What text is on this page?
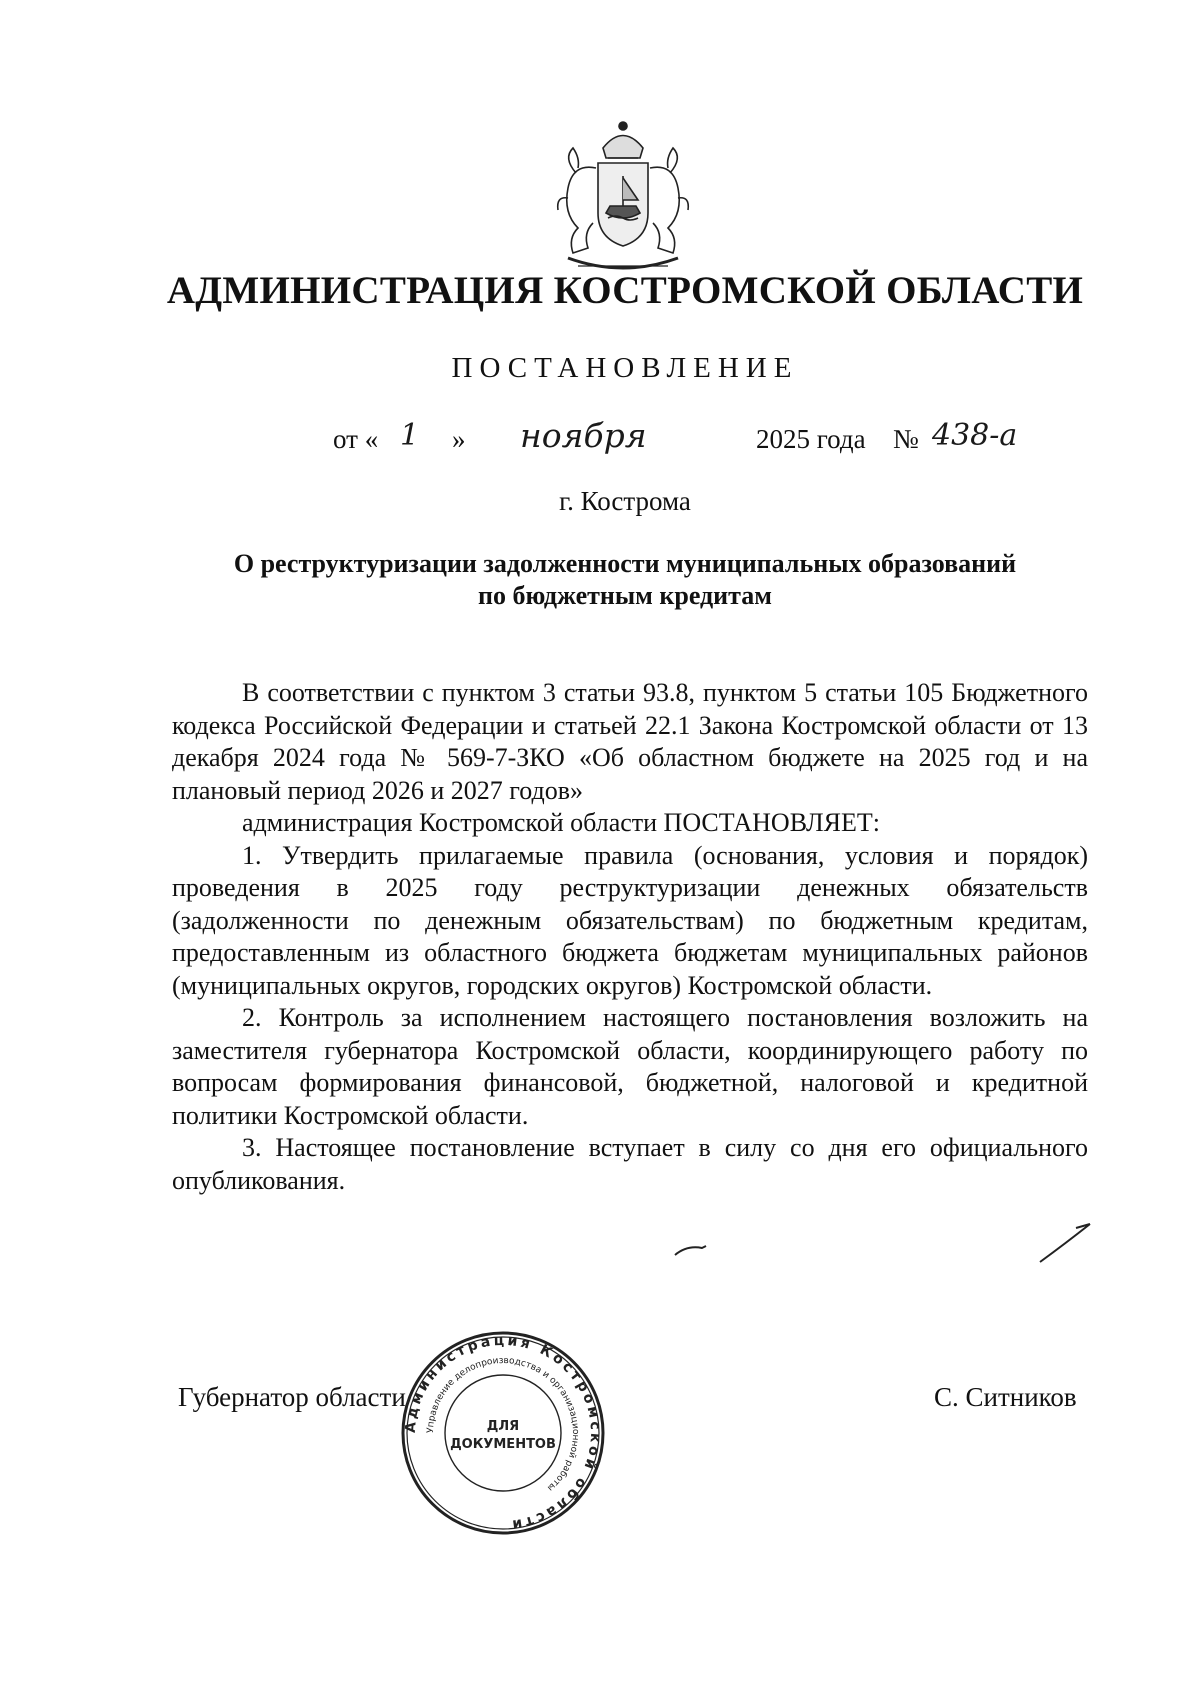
АДМИНИСТРАЦИЯ КОСТРОМСКОЙ ОБЛАСТИ
ПОСТАНОВЛЕНИЕ
от « 1 » ноября	2025 года № 438-а
г. Кострома
О реструктуризации задолженности муниципальных образований
по бюджетным кредитам

В соответствии с пунктом 3 статьи 93.8, пунктом 5 статьи 105 Бюджетного кодекса Российской Федерации и статьей 22.1 Закона Костромской области от 13 декабря 2024 года № 569-7-ЗКО «Об областном бюджете на 2025 год и на плановый период 2026 и 2027 годов»

администрация Костромской области ПОСТАНОВЛЯЕТ:

1. Утвердить прилагаемые правила (основания, условия и порядок) проведения в 2025 году реструктуризации денежных обязательств (задолженности по денежным обязательствам) по бюджетным кредитам, предоставленным из областного бюджета бюджетам муниципальных районов (муниципальных округов, городских округов) Костромской области.

2. Контроль за исполнением настоящего постановления возложить на заместителя губернатора Костромской области, координирующего работу по вопросам формирования финансовой, бюджетной, налоговой и кредитной политики Костромской области.

3. Настоящее постановление вступает в силу со дня его официального опубликования.

Губернатор области	С. Ситников
Администрация Костромской области
Управление делопроизводства и организационной работы
ДЛЯ
ДОКУМЕНТОВ
